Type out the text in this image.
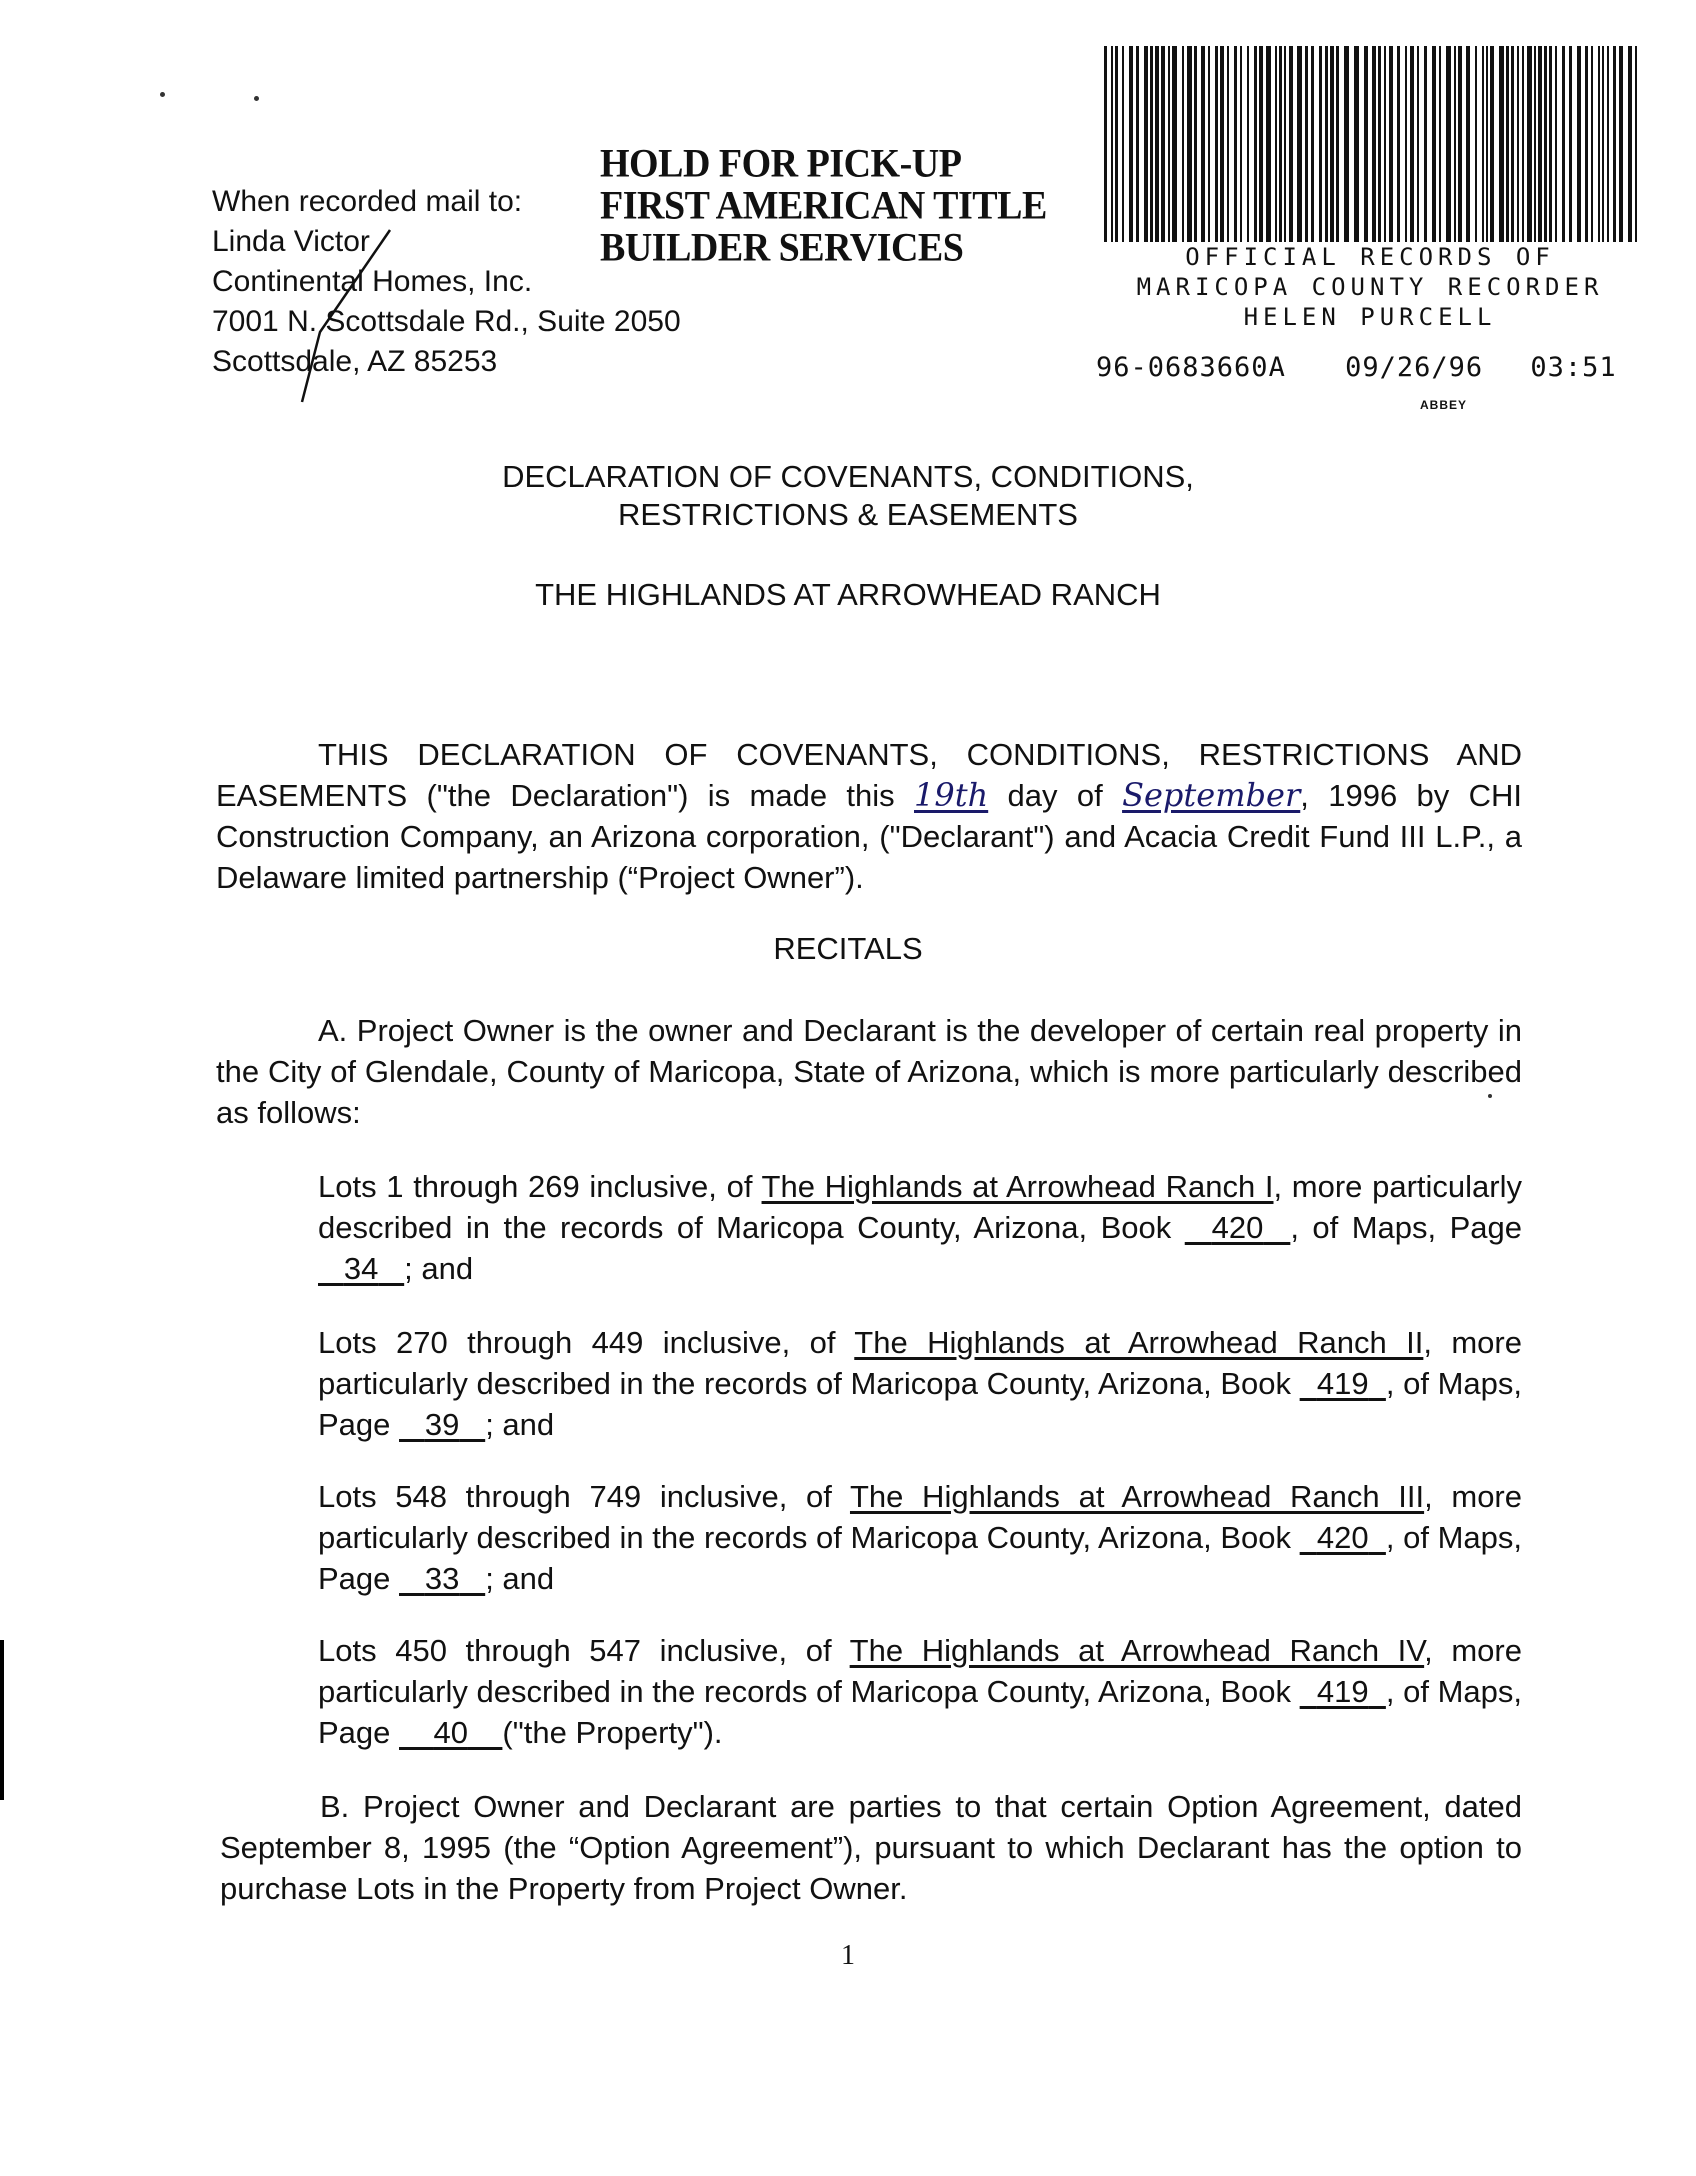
When recorded mail to:
Linda Victor
Continental Homes, Inc.
7001 N. Scottsdale Rd., Suite 2050
Scottsdale, AZ 85253
HOLD FOR PICK-UP
FIRST AMERICAN TITLE
BUILDER SERVICES	OFFICIAL RECORDS OF
MARICOPA COUNTY RECORDER
HELEN PURCELL
96-0683660A 09/26/96 03:51
ABBEY
DECLARATION OF COVENANTS, CONDITIONS,
RESTRICTIONS & EASEMENTS
THE HIGHLANDS AT ARROWHEAD RANCH
THIS DECLARATION OF COVENANTS, CONDITIONS, RESTRICTIONS AND EASEMENTS ("the Declaration") is made this 19th day of September, 1996 by CHI Construction Company, an Arizona corporation, ("Declarant") and Acacia Credit Fund III L.P., a Delaware limited partnership (“Project Owner”).
RECITALS
A. Project Owner is the owner and Declarant is the developer of certain real property in the City of Glendale, County of Maricopa, State of Arizona, which is more particularly described as follows:
Lots 1 through 269 inclusive, of The Highlands at Arrowhead Ranch I, more particularly described in the records of Maricopa County, Arizona, Book   420 , of Maps, Page    34 ; and
Lots 270 through 449 inclusive, of The Highlands at Arrowhead Ranch II, more particularly described in the records of Maricopa County, Arizona, Book   419 , of Maps, Page    39 ; and
Lots 548 through 749 inclusive, of The Highlands at Arrowhead Ranch III, more particularly described in the records of Maricopa County, Arizona, Book   420 , of Maps, Page    33 ; and
Lots 450 through 547 inclusive, of The Highlands at Arrowhead Ranch IV, more particularly described in the records of Maricopa County, Arizona, Book   419 , of Maps, Page     40 ("the Property").
B. Project Owner and Declarant are parties to that certain Option Agreement, dated September 8, 1995 (the “Option Agreement”), pursuant to which Declarant has the option to purchase Lots in the Property from Project Owner.
1
